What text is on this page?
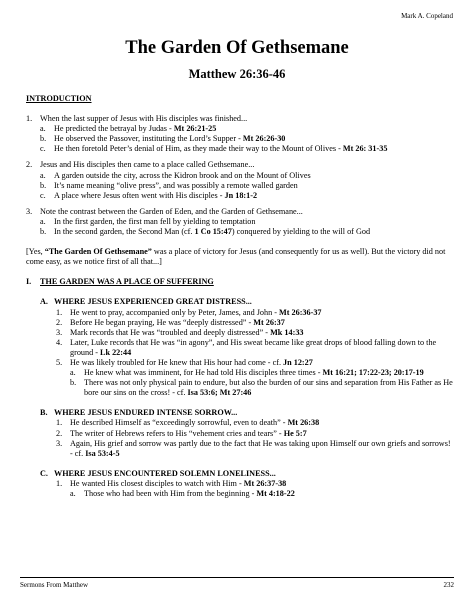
Mark A. Copeland
The Garden Of Gethsemane
Matthew 26:36-46
INTRODUCTION
1. When the last supper of Jesus with His disciples was finished...
a.	He predicted the betrayal by Judas - Mt 26:21-25
b. He observed the Passover, instituting the Lord’s Supper - Mt 26:26-30
c.	He then foretold Peter’s denial of Him, as they made their way to the Mount of Olives - Mt 26: 31-35
2. Jesus and His disciples then came to a place called Gethsemane...
a.	A garden outside the city, across the Kidron brook and on the Mount of Olives
b. It’s name meaning “olive press”, and was possibly a remote walled garden
c.	A place where Jesus often went with His disciples - Jn 18:1-2
3. Note the contrast between the Garden of Eden, and the Garden of Gethsemane...
a.	In the first garden, the first man fell by yielding to temptation
b. In the second garden, the Second Man (cf. 1 Co 15:47) conquered by yielding to the will of God
[Yes, “The Garden Of Gethsemane” was a place of victory for Jesus (and consequently for us as well). But the victory did not come easy, as we notice first of all that...]
I.	THE GARDEN WAS A PLACE OF SUFFERING
A. WHERE JESUS EXPERIENCED GREAT DISTRESS...
1. He went to pray, accompanied only by Peter, James, and John - Mt 26:36-37
2. Before He began praying, He was “deeply distressed” - Mt 26:37
3. Mark records that He was “troubled and deeply distressed” - Mk 14:33
4. Later, Luke records that He was “in agony”, and His sweat became like great drops of blood falling down to the ground - Lk 22:44
5. He was likely troubled for He knew that His hour had come - cf. Jn 12:27
a.	He knew what was imminent, for He had told His disciples three times - Mt 16:21; 17:22-23; 20:17-19
b. There was not only physical pain to endure, but also the burden of our sins and separation from His Father as He bore our sins on the cross! - cf. Isa 53:6; Mt 27:46
B. WHERE JESUS ENDURED INTENSE SORROW...
1. He described Himself as “exceedingly sorrowful, even to death” - Mt 26:38
2. The writer of Hebrews refers to His “vehement cries and tears” - He 5:7
3. Again, His grief and sorrow was partly due to the fact that He was taking upon Himself our own griefs and sorrows! - cf. Isa 53:4-5
C. WHERE JESUS ENCOUNTERED SOLEMN LONELINESS...
1. He wanted His closest disciples to watch with Him - Mt 26:37-38
a.	Those who had been with Him from the beginning - Mt 4:18-22
Sermons From Matthew	232
